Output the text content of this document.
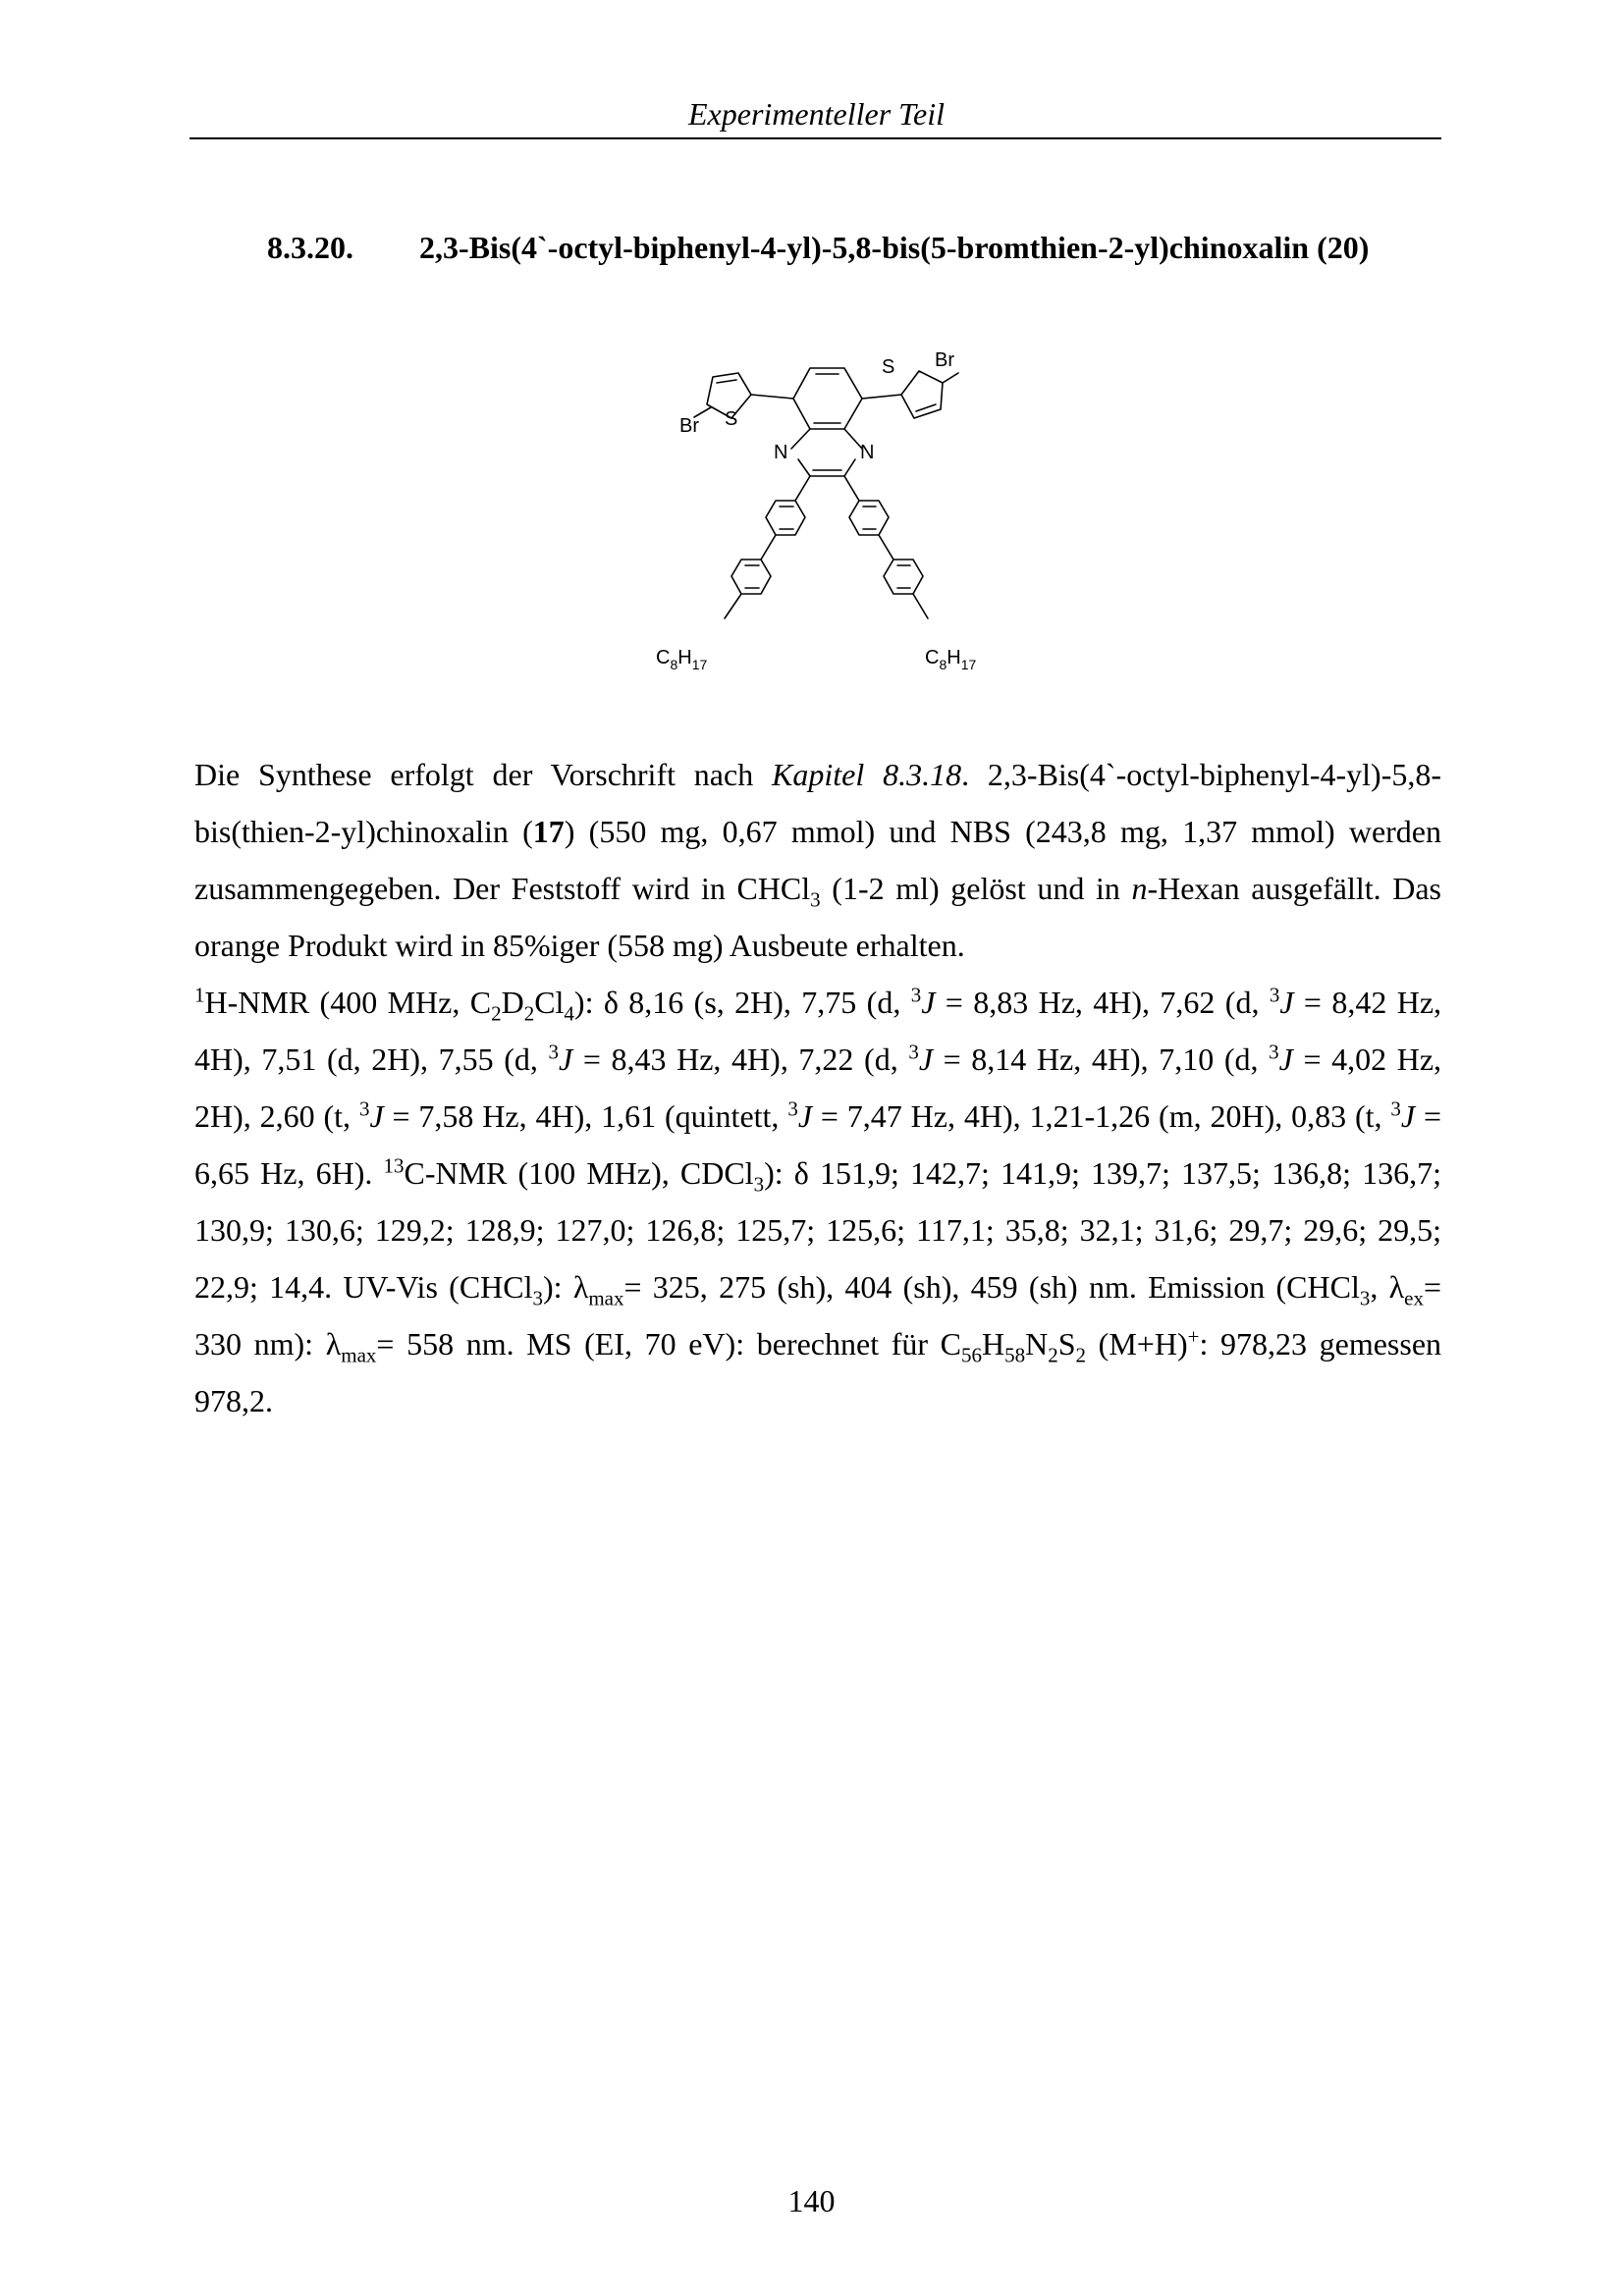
Experimenteller Teil
8.3.20. 2,3-Bis(4`-octyl-biphenyl-4-yl)-5,8-bis(5-bromthien-2-yl)chinoxalin (20)
Br S
S Br
N	N
$C_8H_{17}$	$C_8H_{17}$

Die Synthese erfolgt der Vorschrift nach Kapitel 8.3.18. 2,3-Bis(4`-octyl-biphenyl-4-yl)-5,8-bis(thien-2-yl)chinoxalin (17) (550 mg, 0,67 mmol) und NBS (243,8 mg, 1,37 mmol) werden zusammengegeben. Der Feststoff wird in CHCl$_3$ (1-2 ml) gelöst und in n-Hexan ausgefällt. Das orange Produkt wird in 85%iger (558 mg) Ausbeute erhalten.

$^1$H-NMR (400 MHz, $C_2D_2Cl_4$): δ 8,16 (s, 2H), 7,75 (d, $^3$J = 8,83 Hz, 4H), 7,62 (d, $^3$J = 8,42 Hz, 4H), 7,51 (d, 2H), 7,55 (d, $^3$J = 8,43 Hz, 4H), 7,22 (d, $^3$J = 8,14 Hz, 4H), 7,10 (d, $^3$J = 4,02 Hz, 2H), 2,60 (t, $^3$J = 7,58 Hz, 4H), 1,61 (quintett, $^3$J = 7,47 Hz, 4H), 1,21-1,26 (m, 20H), 0,83 (t, $^3$J = 6,65 Hz, 6H). $^{13}$C-NMR (100 MHz), CDCl$_3$): δ 151,9; 142,7; 141,9; 139,7; 137,5; 136,8; 136,7; 130,9; 130,6; 129,2; 128,9; 127,0; 126,8; 125,7; 125,6; 117,1; 35,8; 32,1; 31,6; 29,7; 29,6; 29,5; 22,9; 14,4. UV-Vis (CHCl$_3$): $\lambda_{max}= 325$, 275 (sh), 404 (sh), 459 (sh) nm. Emission (CHCl$_3$, $\lambda_{ex}= 330$ nm): $\lambda_{max}= 558$ nm. MS (EI, 70 eV): berechnet für $C_{56}H_{58}N_2S_2$ (M+H)+: 978,23 gemessen 978,2.

140
